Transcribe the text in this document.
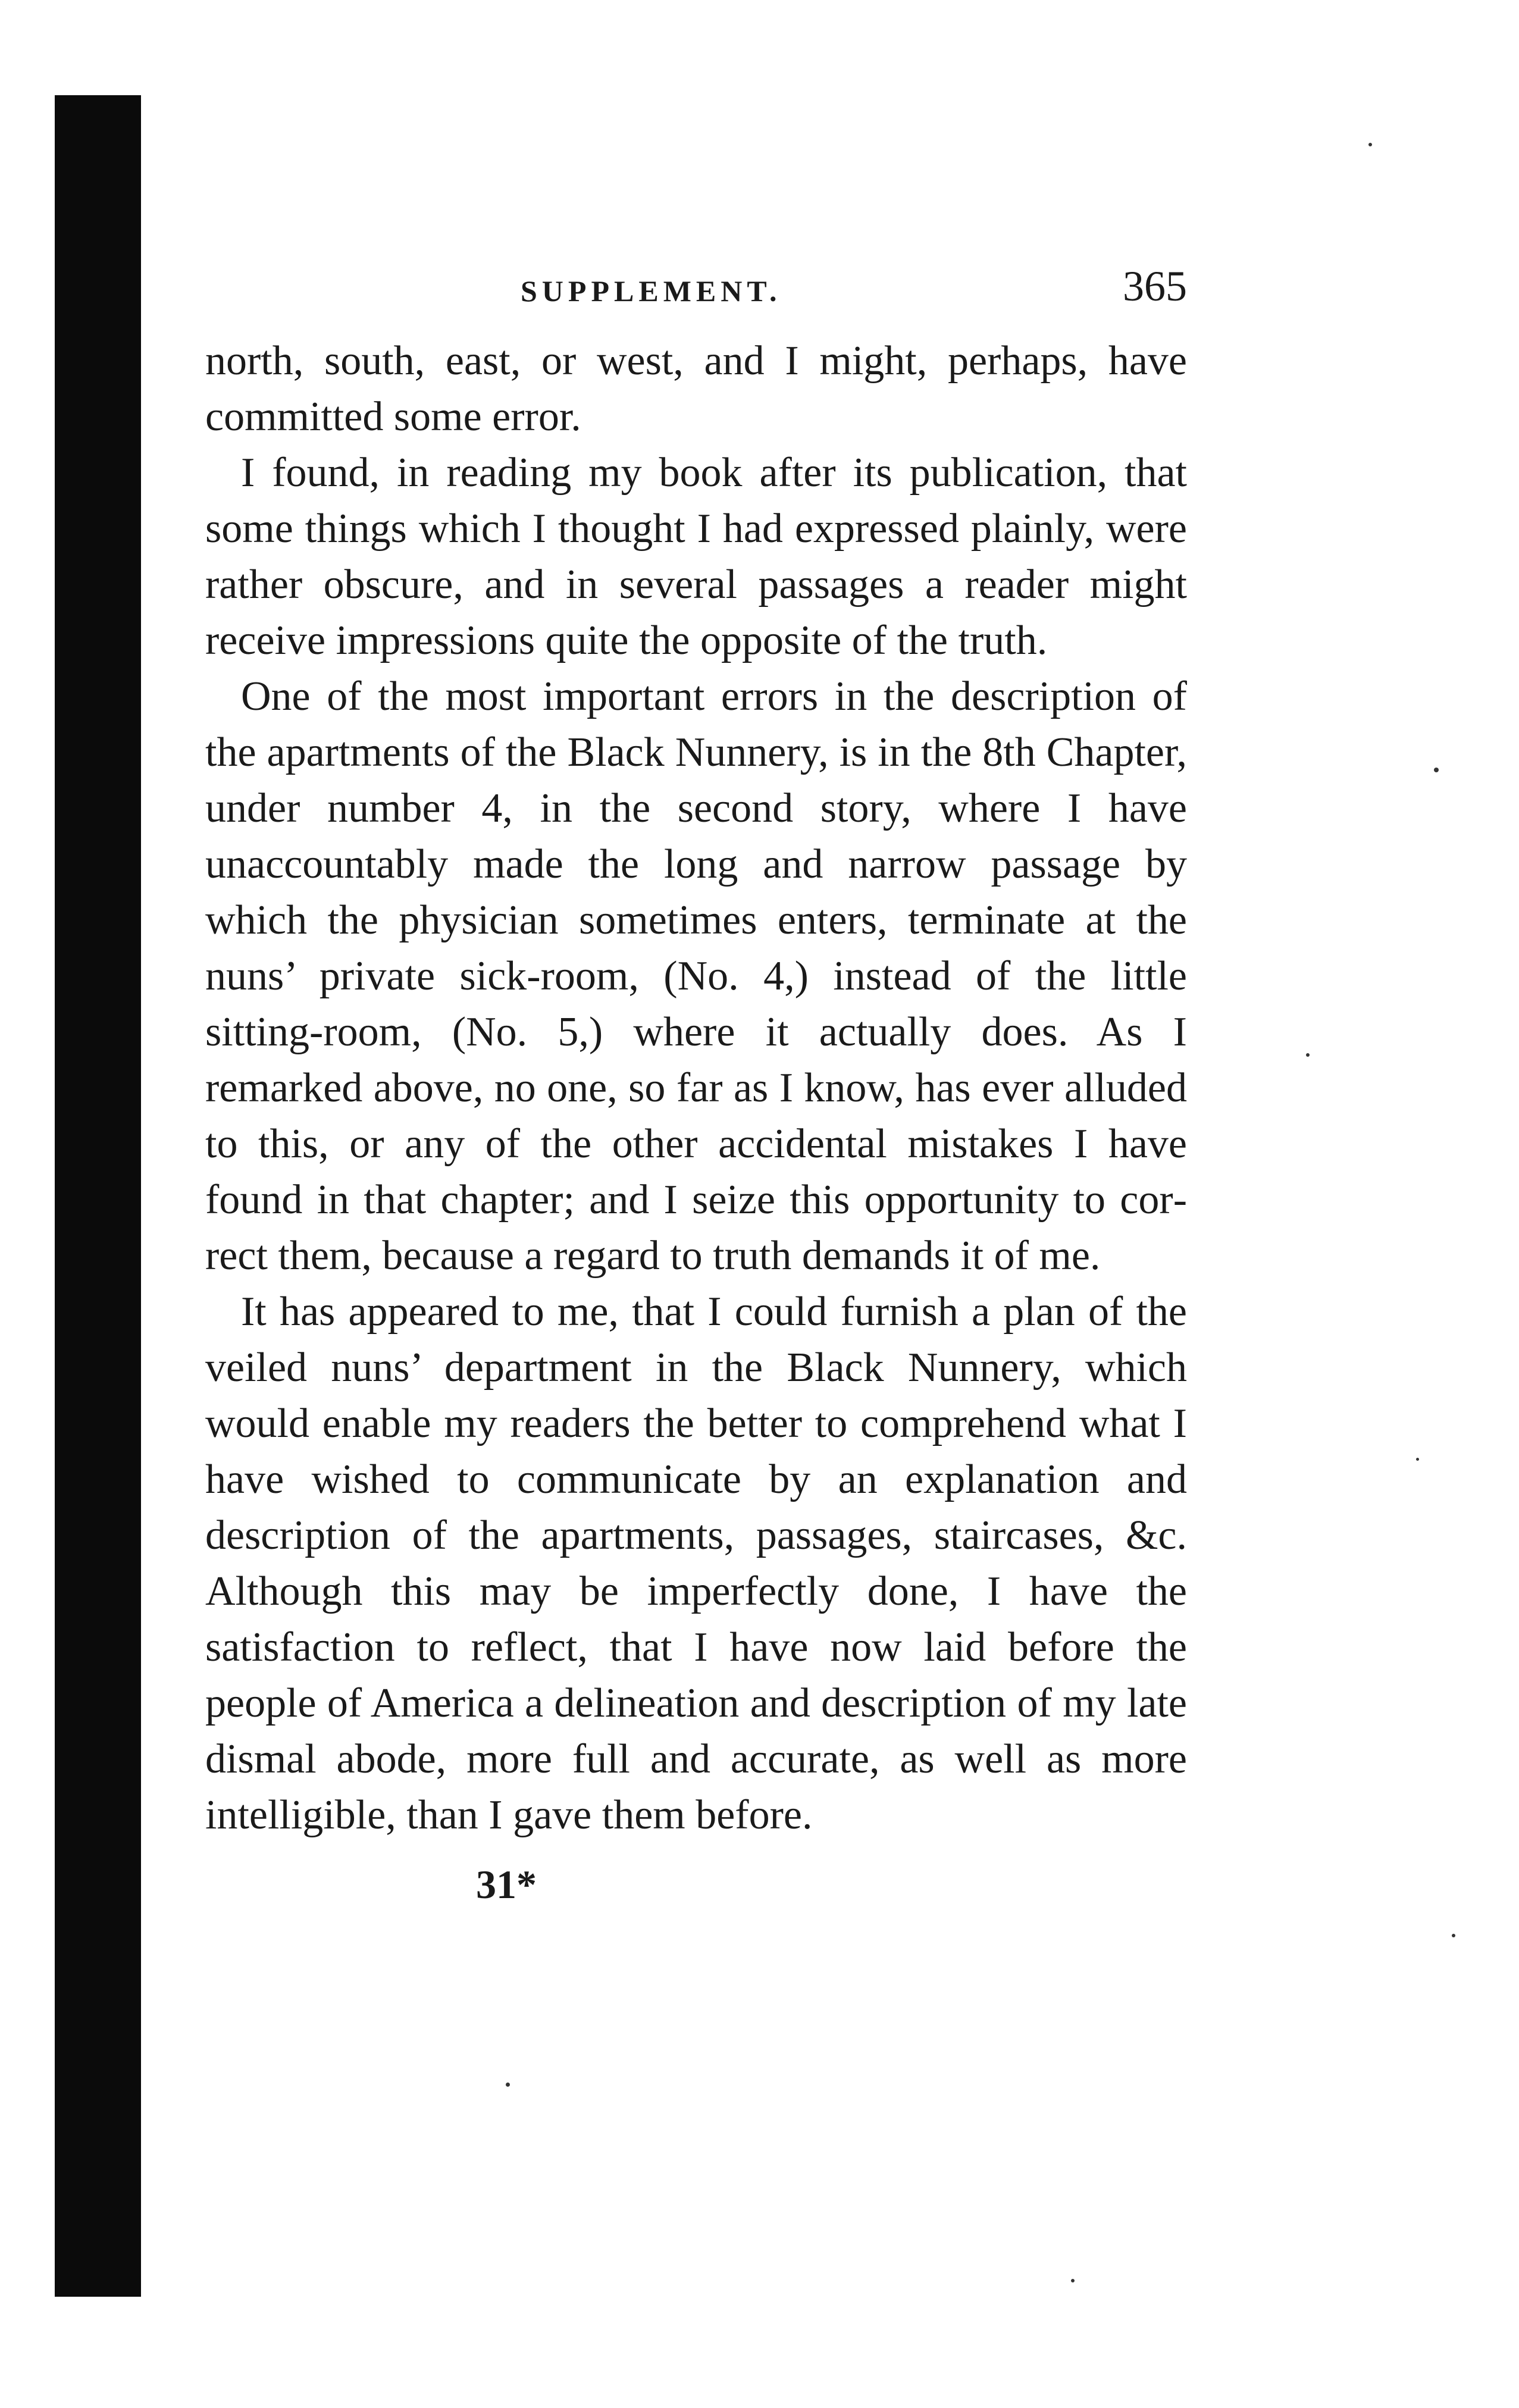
SUPPLEMENT.	365

north, south, east, or west, and I might, perhaps, have committed some error.

I found, in reading my book after its publication, that some things which I thought I had expressed plainly, were rather obscure, and in several passages a reader might receive impressions quite the opposite of the truth.

One of the most important errors in the description of the apartments of the Black Nunnery, is in the 8th Chapter, under number 4, in the second story, where I have unaccountably made the long and narrow passage by which the physician sometimes enters, terminate at the nuns’ private sick-room, (No. 4,) instead of the little sitting-room, (No. 5,) where it actually does. As I remarked above, no one, so far as I know, has ever alluded to this, or any of the other accidental mistakes I have found in that chapter; and I seize this opportunity to correct them, because a regard to truth demands it of me.

It has appeared to me, that I could furnish a plan of the veiled nuns’ department in the Black Nunnery, which would enable my readers the better to comprehend what I have wished to communicate by an explanation and description of the apartments, passages, staircases, &c. Although this may be imperfectly done, I have the satisfaction to reflect, that I have now laid before the people of America a delineation and description of my late dismal abode, more full and accurate, as well as more intelligible, than I gave them before.

31*
